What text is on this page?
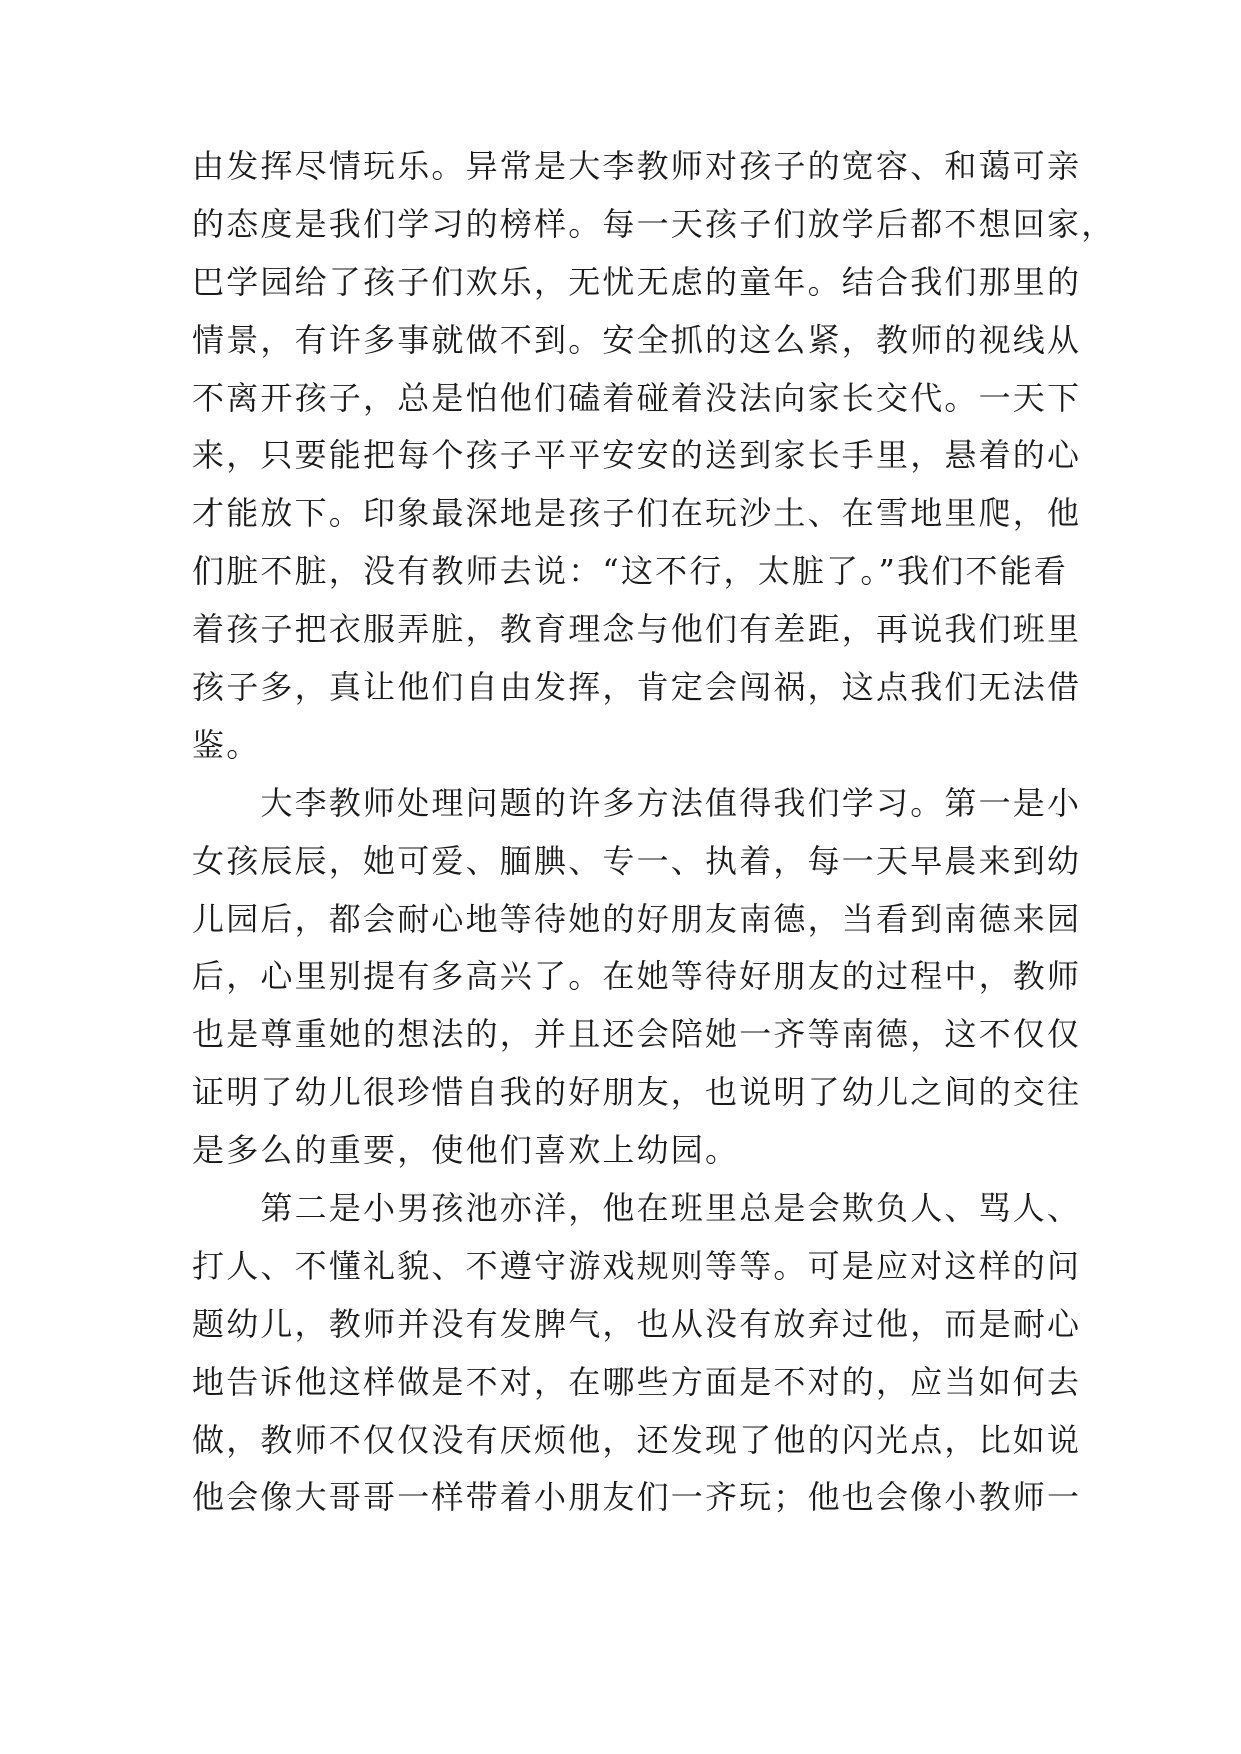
由发挥尽情玩乐。异常是大李教师对孩子的宽容、和蔼可亲
的态度是我们学习的榜样。每一天孩子们放学后都不想回家，
巴学园给了孩子们欢乐，无忧无虑的童年。结合我们那里的
情景，有许多事就做不到。安全抓的这么紧，教师的视线从
不离开孩子，总是怕他们磕着碰着没法向家长交代。一天下
来，只要能把每个孩子平平安安的送到家长手里，悬着的心
才能放下。印象最深地是孩子们在玩沙土、在雪地里爬，他
们脏不脏，没有教师去说：“这不行，太脏了。”我们不能看
着孩子把衣服弄脏，教育理念与他们有差距，再说我们班里
孩子多，真让他们自由发挥，肯定会闯祸，这点我们无法借
鉴。
　　大李教师处理问题的许多方法值得我们学习。第一是小
女孩辰辰，她可爱、腼腆、专一、执着，每一天早晨来到幼
儿园后，都会耐心地等待她的好朋友南德，当看到南德来园
后，心里别提有多高兴了。在她等待好朋友的过程中，教师
也是尊重她的想法的，并且还会陪她一齐等南德，这不仅仅
证明了幼儿很珍惜自我的好朋友，也说明了幼儿之间的交往
是多么的重要，使他们喜欢上幼园。
　　第二是小男孩池亦洋，他在班里总是会欺负人、骂人、
打人、不懂礼貌、不遵守游戏规则等等。可是应对这样的问
题幼儿，教师并没有发脾气，也从没有放弃过他，而是耐心
地告诉他这样做是不对，在哪些方面是不对的，应当如何去
做，教师不仅仅没有厌烦他，还发现了他的闪光点，比如说
他会像大哥哥一样带着小朋友们一齐玩；他也会像小教师一
